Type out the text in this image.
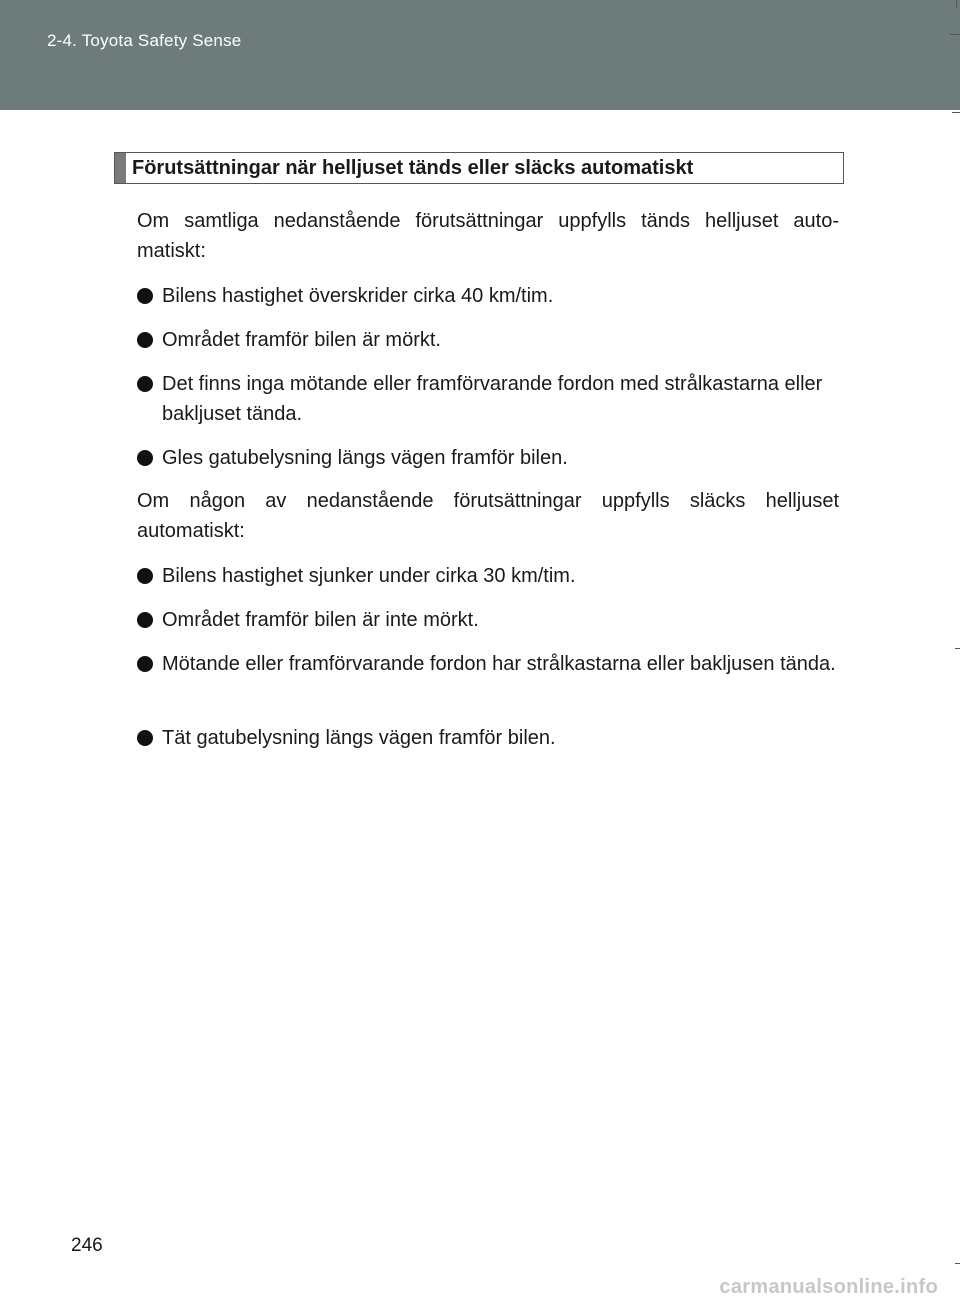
2-4. Toyota Safety Sense
Förutsättningar när helljuset tänds eller släcks automatiskt
Om samtliga nedanstående förutsättningar uppfylls tänds helljuset auto-matiskt:
Bilens hastighet överskrider cirka 40 km/tim.
Området framför bilen är mörkt.
Det finns inga mötande eller framförvarande fordon med strålkastarna eller bakljuset tända.
Gles gatubelysning längs vägen framför bilen.
Om någon av nedanstående förutsättningar uppfylls släcks helljuset automatiskt:
Bilens hastighet sjunker under cirka 30 km/tim.
Området framför bilen är inte mörkt.
Mötande eller framförvarande fordon har strålkastarna eller bakljusen tända.
Tät gatubelysning längs vägen framför bilen.
246
carmanualsonline.info
